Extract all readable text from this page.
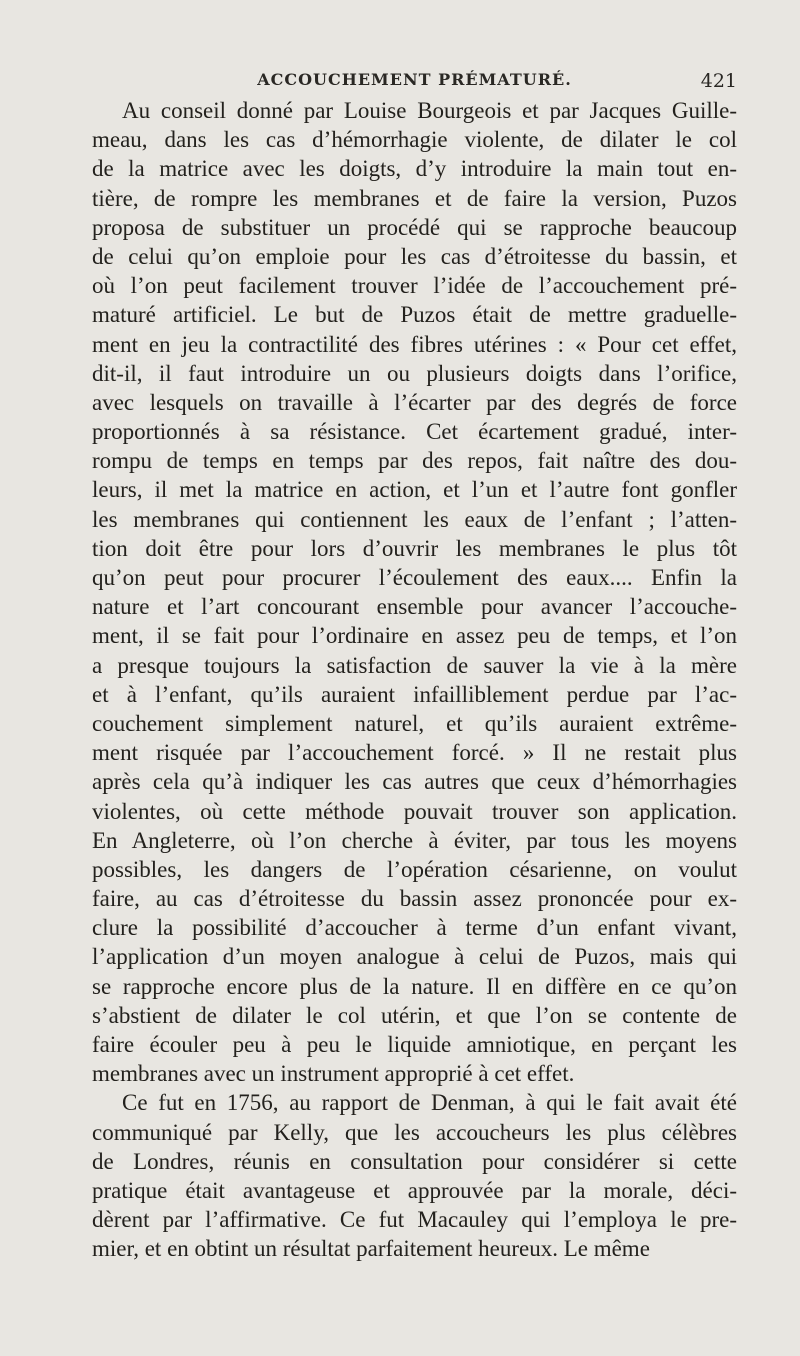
ACCOUCHEMENT PRÉMATURÉ.	421
Au conseil donné par Louise Bourgeois et par Jacques Guille-
meau, dans les cas d’hémorrhagie violente, de dilater le col
de la matrice avec les doigts, d’y introduire la main tout en-
tière, de rompre les membranes et de faire la version, Puzos
proposa de substituer un procédé qui se rapproche beaucoup
de celui qu’on emploie pour les cas d’étroitesse du bassin, et
où l’on peut facilement trouver l’idée de l’accouchement pré-
maturé artificiel. Le but de Puzos était de mettre graduelle-
ment en jeu la contractilité des fibres utérines : « Pour cet effet,
dit-il, il faut introduire un ou plusieurs doigts dans l’orifice,
avec lesquels on travaille à l’écarter par des degrés de force
proportionnés à sa résistance. Cet écartement gradué, inter-
rompu de temps en temps par des repos, fait naître des dou-
leurs, il met la matrice en action, et l’un et l’autre font gonfler
les membranes qui contiennent les eaux de l’enfant ; l’atten-
tion doit être pour lors d’ouvrir les membranes le plus tôt
qu’on peut pour procurer l’écoulement des eaux.... Enfin la
nature et l’art concourant ensemble pour avancer l’accouche-
ment, il se fait pour l’ordinaire en assez peu de temps, et l’on
a presque toujours la satisfaction de sauver la vie à la mère
et à l’enfant, qu’ils auraient infailliblement perdue par l’ac-
couchement simplement naturel, et qu’ils auraient extrême-
ment risquée par l’accouchement forcé. » Il ne restait plus
après cela qu’à indiquer les cas autres que ceux d’hémorrhagies
violentes, où cette méthode pouvait trouver son application.
En Angleterre, où l’on cherche à éviter, par tous les moyens
possibles, les dangers de l’opération césarienne, on voulut
faire, au cas d’étroitesse du bassin assez prononcée pour ex-
clure la possibilité d’accoucher à terme d’un enfant vivant,
l’application d’un moyen analogue à celui de Puzos, mais qui
se rapproche encore plus de la nature. Il en diffère en ce qu’on
s’abstient de dilater le col utérin, et que l’on se contente de
faire écouler peu à peu le liquide amniotique, en perçant les
membranes avec un instrument approprié à cet effet.
Ce fut en 1756, au rapport de Denman, à qui le fait avait été
communiqué par Kelly, que les accoucheurs les plus célèbres
de Londres, réunis en consultation pour considérer si cette
pratique était avantageuse et approuvée par la morale, déci-
dèrent par l’affirmative. Ce fut Macauley qui l’employa le pre-
mier, et en obtint un résultat parfaitement heureux. Le même
